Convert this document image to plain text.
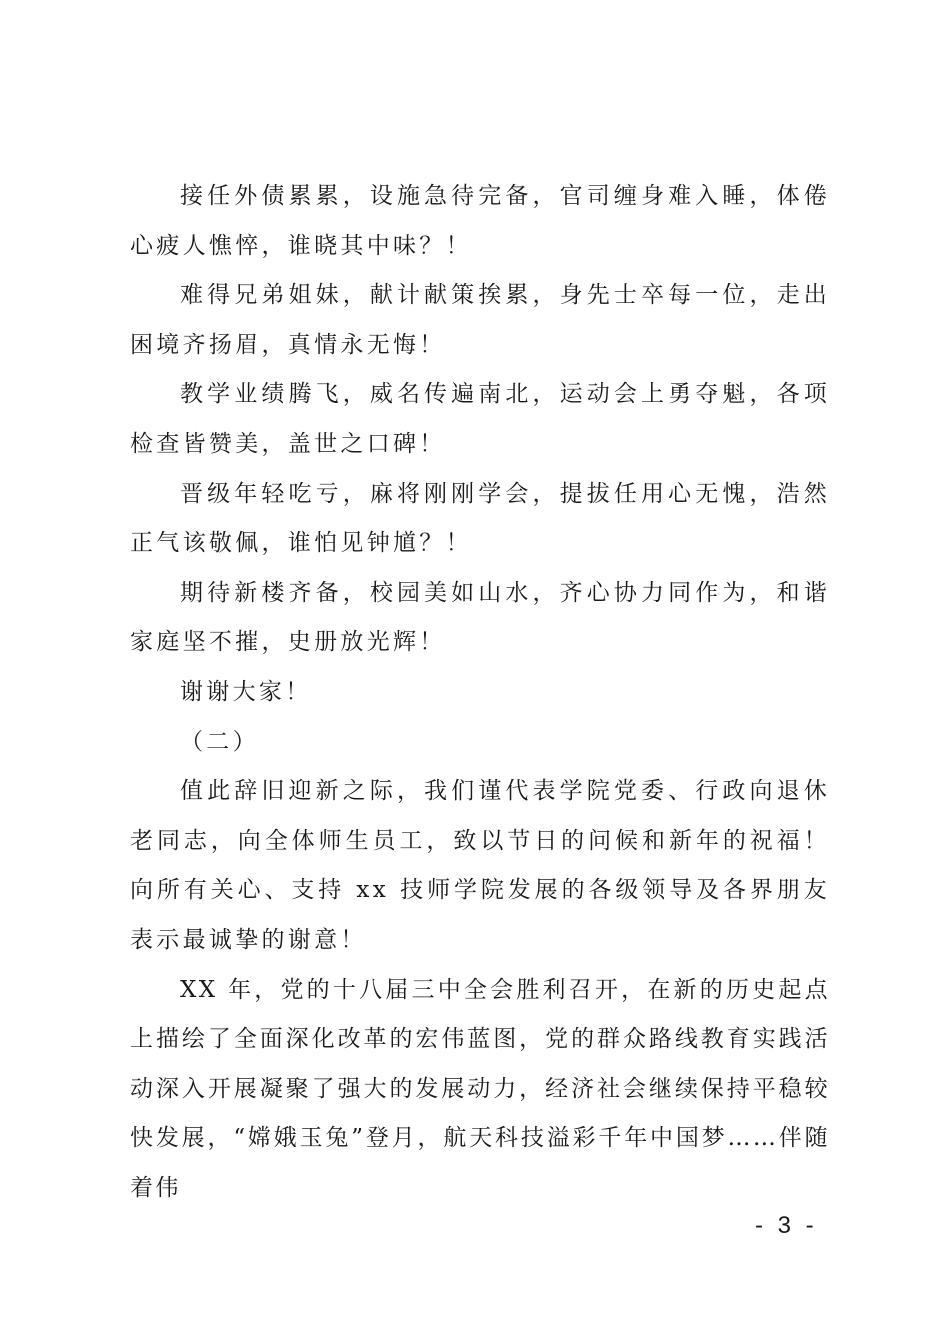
接任外债累累，设施急待完备，官司缠身难入睡，体倦心疲人憔悴，谁晓其中味？！

难得兄弟姐妹，献计献策挨累，身先士卒每一位，走出困境齐扬眉，真情永无悔！

教学业绩腾飞，威名传遍南北，运动会上勇夺魁，各项检查皆赞美，盖世之口碑！

晋级年轻吃亏，麻将刚刚学会，提拔任用心无愧，浩然正气该敬佩，谁怕见钟馗？！

期待新楼齐备，校园美如山水，齐心协力同作为，和谐家庭坚不摧，史册放光辉！

谢谢大家！

（二）

值此辞旧迎新之际，我们谨代表学院党委、行政向退休老同志，向全体师生员工，致以节日的问候和新年的祝福！向所有关心、支持 xx 技师学院发展的各级领导及各界朋友表示最诚挚的谢意！

XX 年，党的十八届三中全会胜利召开，在新的历史起点上描绘了全面深化改革的宏伟蓝图，党的群众路线教育实践活动深入开展凝聚了强大的发展动力，经济社会继续保持平稳较快发展，“嫦娥玉兔”登月，航天科技溢彩千年中国梦……伴随着伟

- 3 -
